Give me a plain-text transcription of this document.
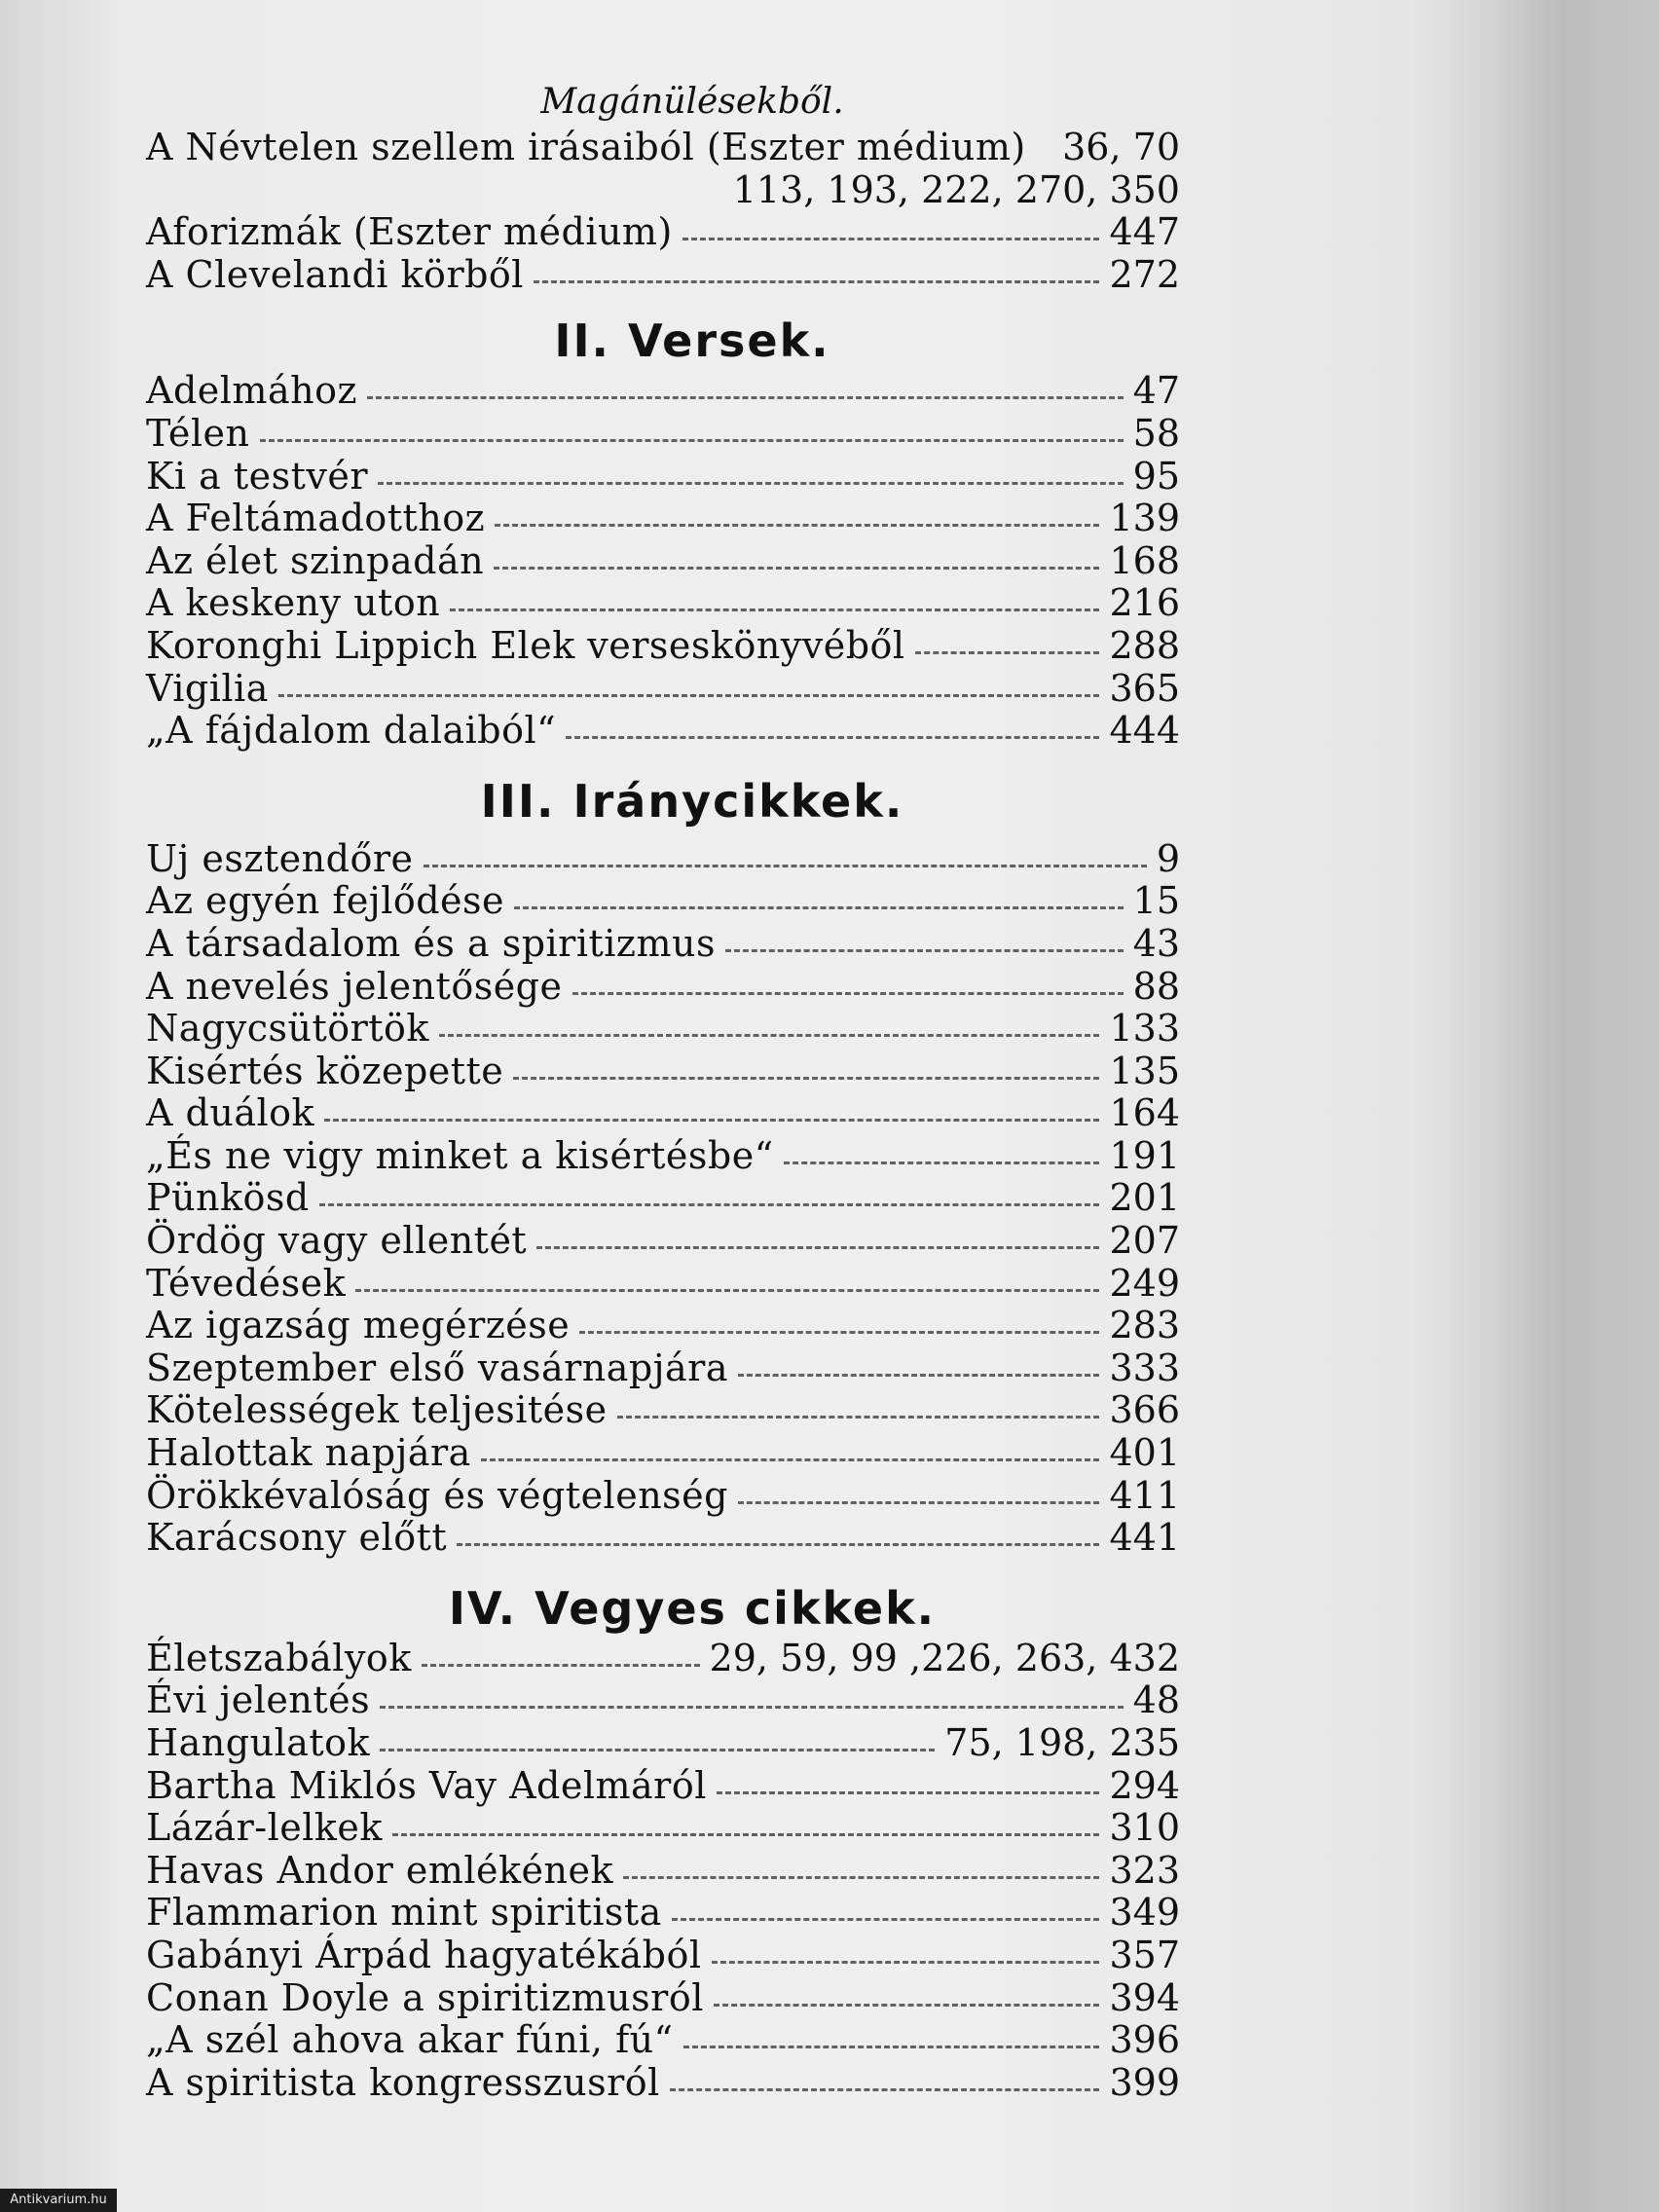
Magánülésekből.
A Névtelen szellem irásaiból (Eszter médium) 36, 70
113, 193, 222, 270, 350
Aforizmák (Eszter médium)	447
A Clevelandi körből	272
II. Versek.
Adelmához	47
Télen	58
Ki a testvér	95
A Feltámadotthoz	139
Az élet szinpadán	168
A keskeny uton	216
Koronghi Lippich Elek verseskönyvéből	288
Vigilia	365
„A fájdalom dalaiból“	444
III. Iránycikkek.
Uj esztendőre	9
Az egyén fejlődése	15
A társadalom és a spiritizmus	43
A nevelés jelentősége	88
Nagycsütörtök	133
Kisértés közepette	135
A duálok	164
„És ne vigy minket a kisértésbe“	191
Pünkösd	201
Ördög vagy ellentét	207
Tévedések	249
Az igazság megérzése	283
Szeptember első vasárnapjára	333
Kötelességek teljesitése	366
Halottak napjára	401
Örökkévalóság és végtelenség	411
Karácsony előtt	441
IV. Vegyes cikkek.
Életszabályok	29, 59, 99 ,226, 263, 432
Évi jelentés	48
Hangulatok	75, 198, 235
Bartha Miklós Vay Adelmáról	294
Lázár-lelkek	310
Havas Andor emlékének	323
Flammarion mint spiritista	349
Gabányi Árpád hagyatékából	357
Conan Doyle a spiritizmusról	394
„A szél ahova akar fúni, fú“	396
A spiritista kongresszusról	399
Antikvarium.hu
